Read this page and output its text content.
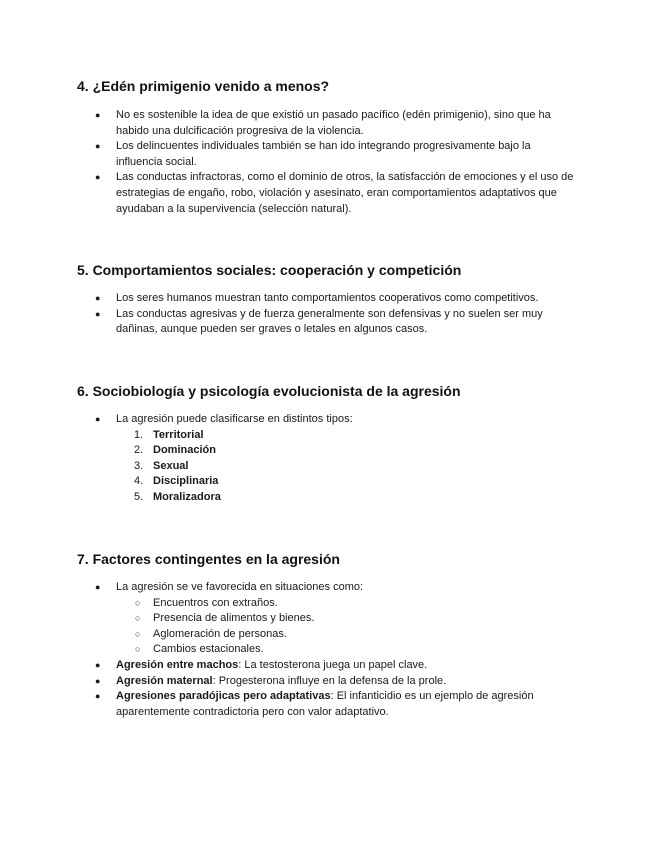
4. ¿Edén primigenio venido a menos?
● No es sostenible la idea de que existió un pasado pacífico (edén primigenio), sino que ha habido una dulcificación progresiva de la violencia.
● Los delincuentes individuales también se han ido integrando progresivamente bajo la influencia social.
● Las conductas infractoras, como el dominio de otros, la satisfacción de emociones y el uso de estrategias de engaño, robo, violación y asesinato, eran comportamientos adaptativos que ayudaban a la supervivencia (selección natural).
5. Comportamientos sociales: cooperación y competición
● Los seres humanos muestran tanto comportamientos cooperativos como competitivos.
● Las conductas agresivas y de fuerza generalmente son defensivas y no suelen ser muy dañinas, aunque pueden ser graves o letales en algunos casos.
6. Sociobiología y psicología evolucionista de la agresión
● La agresión puede clasificarse en distintos tipos:
1. Territorial
2. Dominación
3. Sexual
4. Disciplinaria
5. Moralizadora
7. Factores contingentes en la agresión
● La agresión se ve favorecida en situaciones como:
○ Encuentros con extraños.
○ Presencia de alimentos y bienes.
○ Aglomeración de personas.
○ Cambios estacionales.
● Agresión entre machos: La testosterona juega un papel clave.
● Agresión maternal: Progesterona influye en la defensa de la prole.
● Agresiones paradójicas pero adaptativas: El infanticidio es un ejemplo de agresión aparentemente contradictoria pero con valor adaptativo.
